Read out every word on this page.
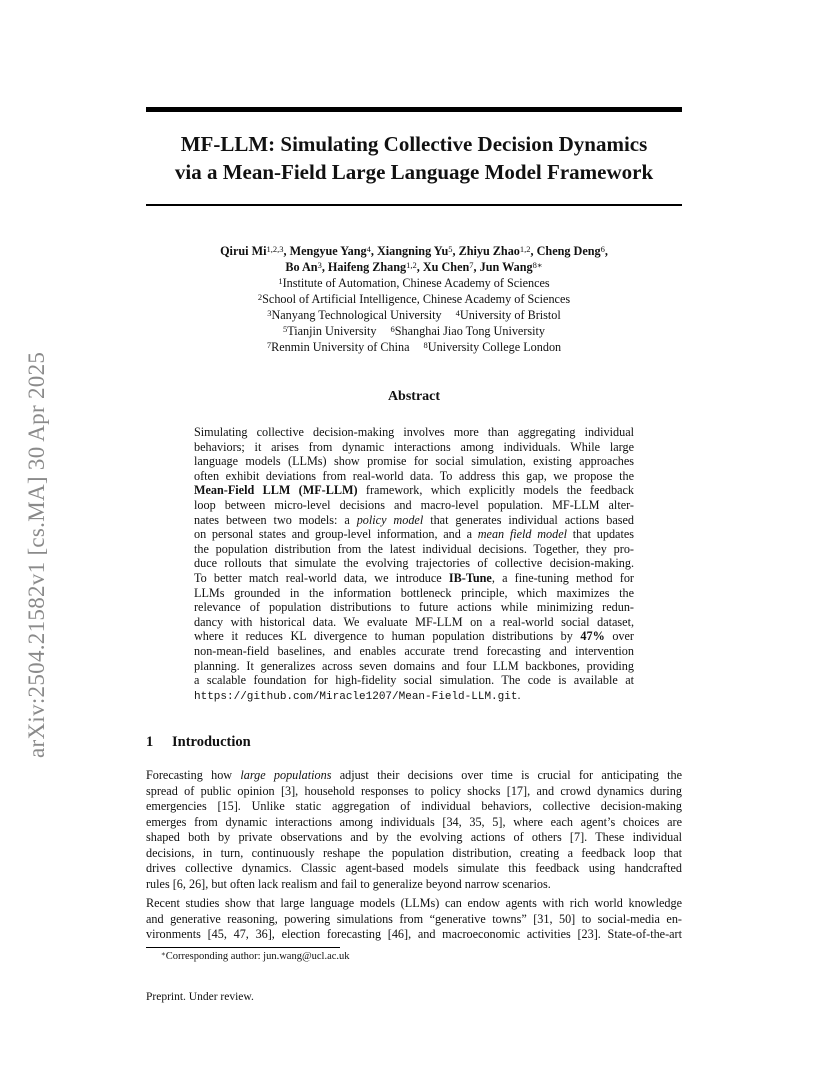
arXiv:2504.21582v1 [cs.MA] 30 Apr 2025
MF-LLM: Simulating Collective Decision Dynamics
via a Mean-Field Large Language Model Framework
Qirui Mi$^{1,2,3}$, Mengyue Yang$^4$, Xiangning Yu$^5$, Zhiyu Zhao$^{1,2}$, Cheng Deng$^6$,
Bo An$^3$, Haifeng Zhang$^{1,2}$, Xu Chen$^7$, Jun Wang$^{8∗}$
$^1$Institute of Automation, Chinese Academy of Sciences
$^2$School of Artificial Intelligence, Chinese Academy of Sciences
$^3$Nanyang Technological University $^4$University of Bristol
$^5$Tianjin University $^6$Shanghai Jiao Tong University
$^7$Renmin University of China $^8$University College London
Abstract
Simulating collective decision-making involves more than aggregating individual
behaviors; it arises from dynamic interactions among individuals. While large
language models (LLMs) show promise for social simulation, existing approaches
often exhibit deviations from real-world data. To address this gap, we propose the
Mean-Field LLM (MF-LLM) framework, which explicitly models the feedback
loop between micro-level decisions and macro-level population. MF-LLM alter-
nates between two models: a policy model that generates individual actions based
on personal states and group-level information, and a mean field model that updates
the population distribution from the latest individual decisions. Together, they pro-
duce rollouts that simulate the evolving trajectories of collective decision-making.
To better match real-world data, we introduce IB-Tune, a fine-tuning method for
LLMs grounded in the information bottleneck principle, which maximizes the
relevance of population distributions to future actions while minimizing redun-
dancy with historical data. We evaluate MF-LLM on a real-world social dataset,
where it reduces KL divergence to human population distributions by 47% over
non-mean-field baselines, and enables accurate trend forecasting and intervention
planning. It generalizes across seven domains and four LLM backbones, providing
a scalable foundation for high-fidelity social simulation. The code is available at
https://github.com/Miracle1207/Mean-Field-LLM.git.
1 Introduction
Forecasting how large populations adjust their decisions over time is crucial for anticipating the
spread of public opinion [3], household responses to policy shocks [17], and crowd dynamics during
emergencies [15]. Unlike static aggregation of individual behaviors, collective decision-making
emerges from dynamic interactions among individuals [34, 35, 5], where each agent’s choices are
shaped both by private observations and by the evolving actions of others [7]. These individual
decisions, in turn, continuously reshape the population distribution, creating a feedback loop that
drives collective dynamics. Classic agent-based models simulate this feedback using handcrafted
rules [6, 26], but often lack realism and fail to generalize beyond narrow scenarios.
Recent studies show that large language models (LLMs) can endow agents with rich world knowledge
and generative reasoning, powering simulations from “generative towns” [31, 50] to social-media en-
vironments [45, 47, 36], election forecasting [46], and macroeconomic activities [23]. State-of-the-art
∗Corresponding author: jun.wang@ucl.ac.uk
Preprint. Under review.
